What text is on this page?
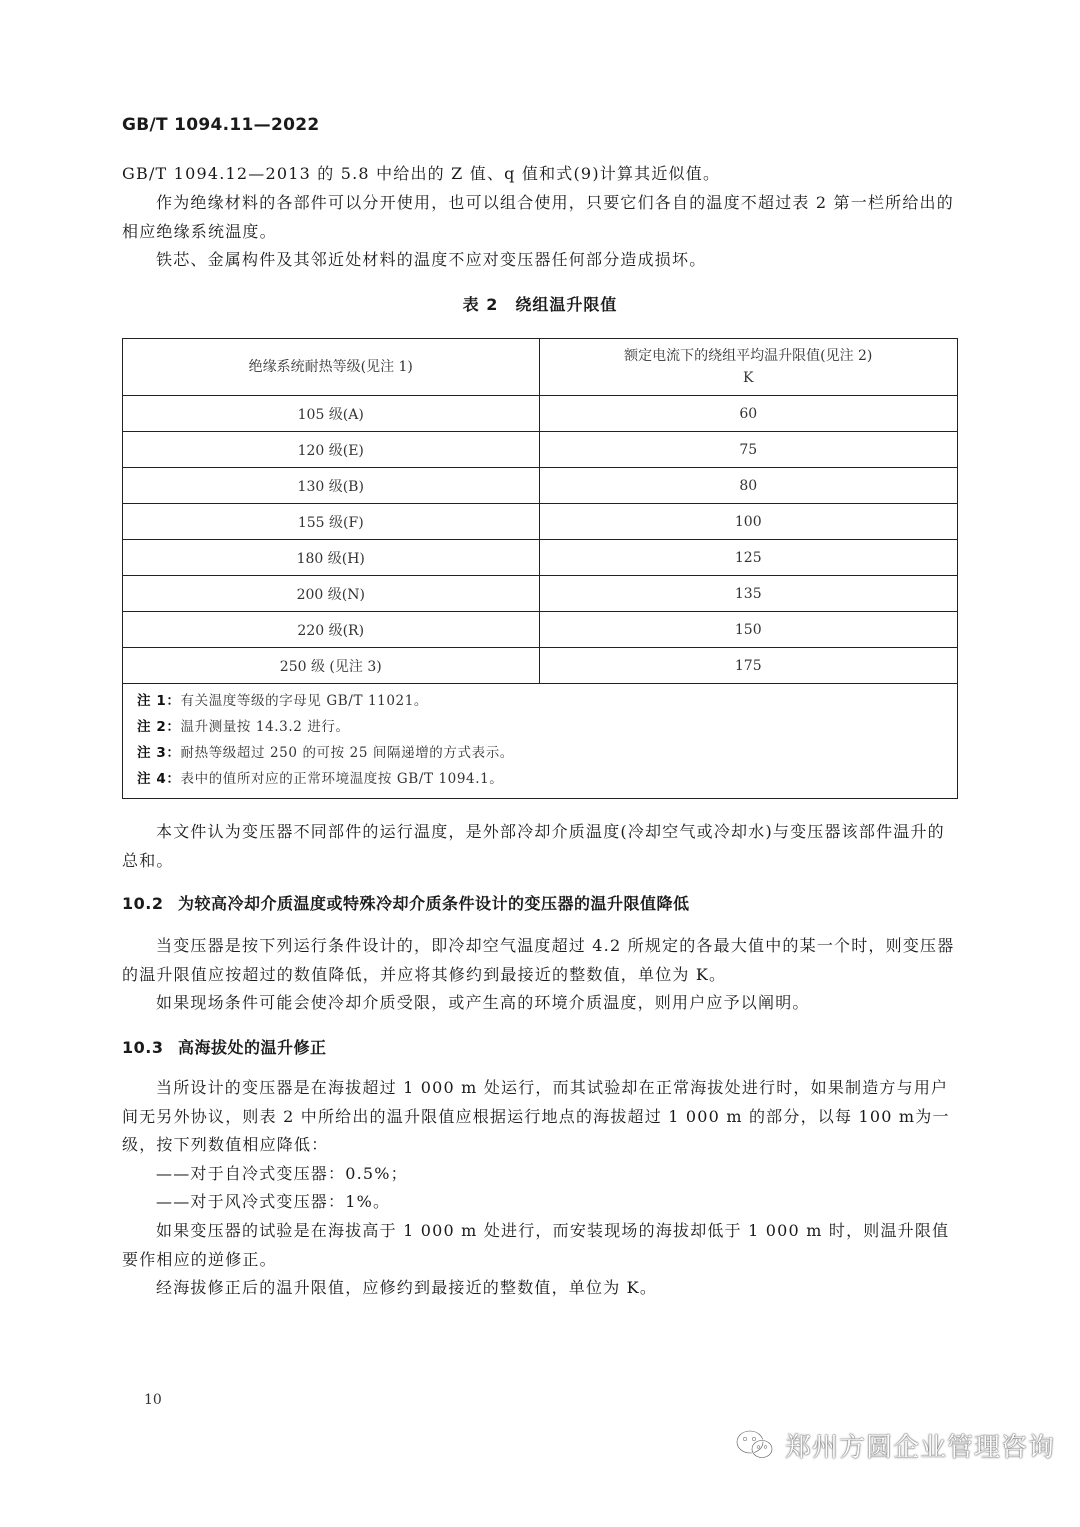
GB/T 1094.11—2022

GB/T 1094.12—2013 的 5.8 中给出的 Z 值、q 值和式(9)计算其近似值。

作为绝缘材料的各部件可以分开使用，也可以组合使用，只要它们各自的温度不超过表 2 第一栏所给出的相应绝缘系统温度。

铁芯、金属构件及其邻近处材料的温度不应对变压器任何部分造成损坏。

表 2　绕组温升限值
绝缘系统耐热等级(见注 1)	额定电流下的绕组平均温升限值(见注 2)
K

105 级(A)	60
120 级(E)	75
130 级(B)	80
155 级(F)	100
180 级(H)	125
200 级(N)	135
220 级(R)	150
250 级 (见注 3)	175

注 1：有关温度等级的字母见 GB/T 11021。
注 2：温升测量按 14.3.2 进行。
注 3：耐热等级超过 250 的可按 25 间隔递增的方式表示。
注 4：表中的值所对应的正常环境温度按 GB/T 1094.1。	

本文件认为变压器不同部件的运行温度，是外部冷却介质温度(冷却空气或冷却水)与变压器该部件温升的总和。

10.2 为较高冷却介质温度或特殊冷却介质条件设计的变压器的温升限值降低

当变压器是按下列运行条件设计的，即冷却空气温度超过 4.2 所规定的各最大值中的某一个时，则变压器的温升限值应按超过的数值降低，并应将其修约到最接近的整数值，单位为 K。

如果现场条件可能会使冷却介质受限，或产生高的环境介质温度，则用户应予以阐明。

10.3 高海拔处的温升修正

当所设计的变压器是在海拔超过 1 000 m 处运行，而其试验却在正常海拔处进行时，如果制造方与用户间无另外协议，则表 2 中所给出的温升限值应根据运行地点的海拔超过 1 000 m 的部分，以每 100 m为一级，按下列数值相应降低：

——对于自冷式变压器：0.5%；
——对于风冷式变压器：1%。

如果变压器的试验是在海拔高于 1 000 m 处进行，而安装现场的海拔却低于 1 000 m 时，则温升限值要作相应的逆修正。

经海拔修正后的温升限值，应修约到最接近的整数值，单位为 K。

10
郑州方圆企业管理咨询
